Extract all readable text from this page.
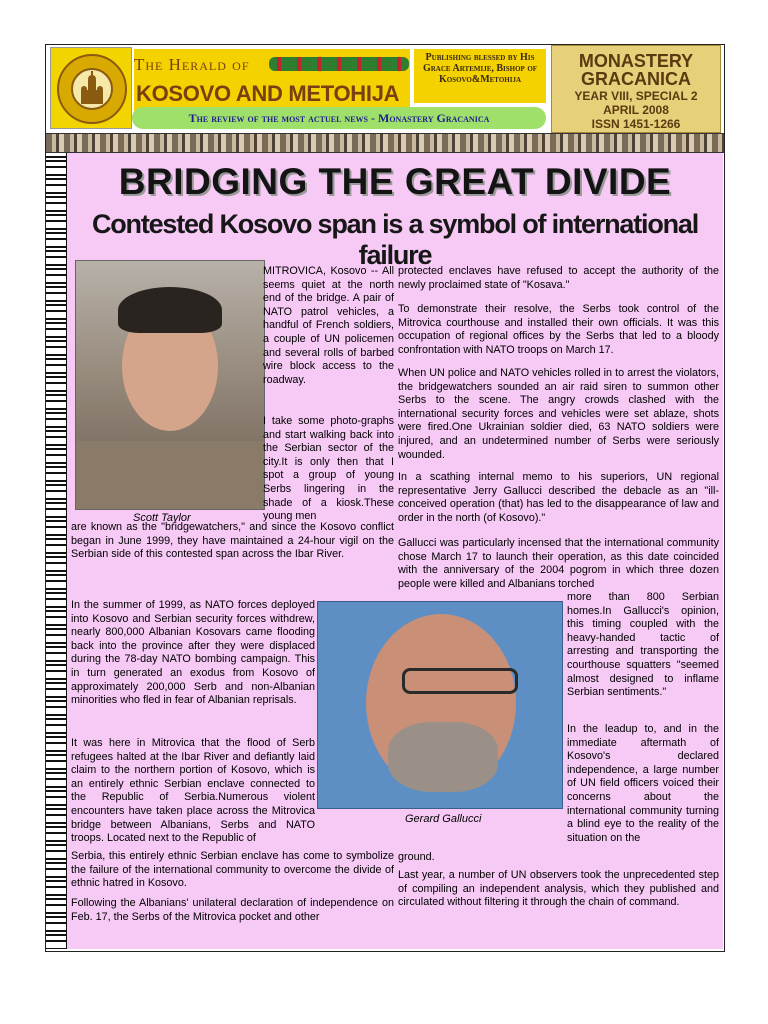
The Herald of
KOSOVO AND METOHIJA
The review of the most actuel news - Monastery Gracanica
Publishing blessed by His Grace Artemije, Bishop of Kosovo&Metohija
MONASTERY
GRACANICA
YEAR VIII, SPECIAL 2
APRIL 2008
ISSN 1451-1266
BRIDGING THE GREAT DIVIDE
Contested Kosovo span is a symbol of international failure
Scott Taylor
MITROVICA, Kosovo -- All seems quiet at the north end of the bridge. A pair of NATO patrol vehicles, a handful of French soldiers, a couple of UN policemen and several rolls of barbed wire block access to the roadway.
I take some photo-graphs and start walking back into the Serbian sector of the city.It is only then that I spot a group of young Serbs lingering in the shade of a kiosk.These young men
are known as the "bridgewatchers," and since the Kosovo conflict began in June 1999, they have maintained a 24-hour vigil on the Serbian side of this contested span across the Ibar River.
In the summer of 1999, as NATO forces deployed into Kosovo and Serbian security forces withdrew, nearly 800,000 Albanian Kosovars came flooding back into the province after they were displaced during the 78-day NATO bombing campaign. This in turn generated an exodus from Kosovo of approximately 200,000 Serb and non-Albanian minorities who fled in fear of Albanian reprisals.
It was here in Mitrovica that the flood of Serb refugees halted at the Ibar River and defiantly laid claim to the northern portion of Kosovo, which is an entirely ethnic Serbian enclave connected to the Republic of Serbia.Numerous violent encounters have taken place across the Mitrovica bridge between Albanians, Serbs and NATO troops. Located next to the Republic of
Serbia, this entirely ethnic Serbian enclave has come to symbolize the failure of the international community to overcome the divide of ethnic hatred in Kosovo.
Following the Albanians' unilateral declaration of independence on Feb. 17, the Serbs of the Mitrovica pocket and other
Gerard Gallucci
protected enclaves have refused to accept the authority of the newly proclaimed state of "Kosava."
To demonstrate their resolve, the Serbs took control of the Mitrovica courthouse and installed their own officials. It was this occupation of regional offices by the Serbs that led to a bloody confrontation with NATO troops on March 17.
When UN police and NATO vehicles rolled in to arrest the violators, the bridgewatchers sounded an air raid siren to summon other Serbs to the scene. The angry crowds clashed with the international security forces and vehicles were set ablaze, shots were fired.One Ukrainian soldier died, 63 NATO soldiers were injured, and an undetermined number of Serbs were seriously wounded.
In a scathing internal memo to his superiors, UN regional representative Jerry Gallucci described the debacle as an "ill-conceived operation (that) has led to the disappearance of law and order in the north (of Kosovo)."
Gallucci was particularly incensed that the international community chose March 17 to launch their operation, as this date coincided with the anniversary of the 2004 pogrom in which three dozen people were killed and Albanians torched
more than 800 Serbian homes.In Gallucci's opinion, this timing coupled with the heavy-handed tactic of arresting and transporting the courthouse squatters "seemed almost designed to inflame Serbian sentiments."
In the leadup to, and in the immediate aftermath of Kosovo's declared independence, a large number of UN field officers voiced their concerns about the international community turning a blind eye to the reality of the situation on the
ground.
Last year, a number of UN observers took the unprecedented step of compiling an independent analysis, which they published and circulated without filtering it through the chain of command.
